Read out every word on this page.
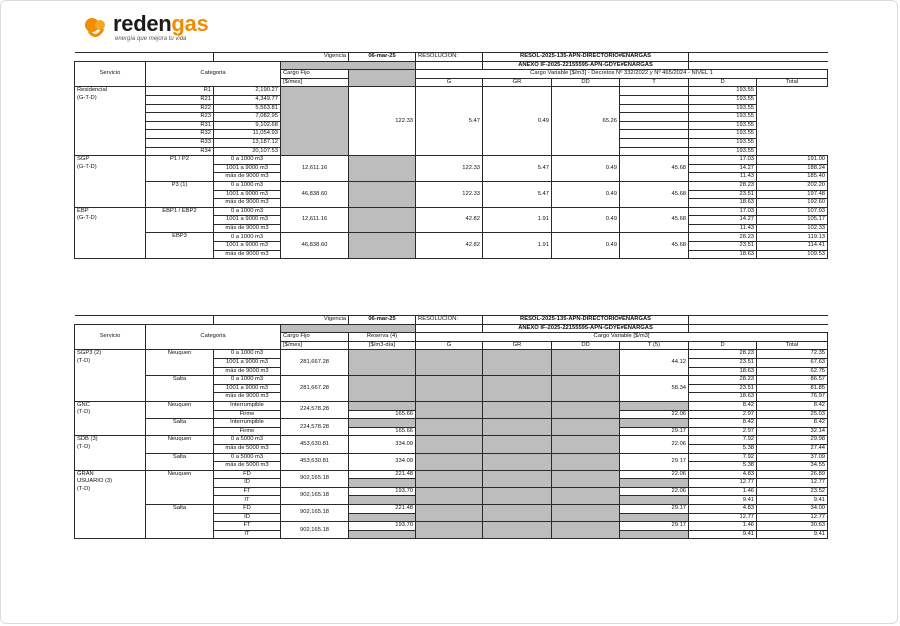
redengas
energía que mejora tu vida
		Vigencia		06-mar-25	RESOLUCION:	RESOL-2025-135-APN-DIRECTORIO#ENARGAS				
Servicio	Categoria					ANEXO IF-2025-22155595-APN-GDYE#ENARGAS				
			Cargo Fijo		Cargo Variable [$/m3] - Decretos Nº 332/2022 y Nº 465/2024 - NIVEL 1					
			[$/mes]		G	GR	DD	T	D	Total
Residencial
(G-T-D)	R1	2,190.27		122.33	5.47	0.49	65.26		193.55	
	R21	4,349.77							193.55	
	R22	5,563.81							193.55	
	R23	7,082.95							193.55	
	R31	9,102.68							193.55	
	R32	11,054.93							193.55	
	R33	13,187.12							193.55	
	R34	20,107.53							193.55	
SGP
(G-T-D)	P1 / P2	0 a 1000 m3	12,611.16		122.33	5.47	0.49	45.68	17.03	191.00
		1001 a 9000 m3							14.27	188.24
		más de 9000 m3							11.43	185.40
	P3 (1)	0 a 1000 m3	46,838.60		122.33	5.47	0.49	45.68	28.23	202.20
		1001 a 9000 m3							23.51	197.48
		más de 9000 m3							18.63	192.60
EBP
(G-T-D)	EBP1 / EBP2	0 a 1000 m3	12,611.16		42.82	1.91	0.49	45.68	17.03	107.93
		1001 a 9000 m3							14.27	105.17
		más de 9000 m3							11.43	102.33
	EBP3	0 a 1000 m3	46,838.60		42.82	1.91	0.49	45.68	28.23	119.13
		1001 a 9000 m3							23.51	114.41
		más de 9000 m3							18.63	109.53
		Vigencia		06-mar-25	RESOLUCION:	RESOL-2025-135-APN-DIRECTORIO#ENARGAS				
Servicio	Categoria					ANEXO IF-2025-22155595-APN-GDYE#ENARGAS				
			Cargo Fijo	Reserva (4)	Cargo Variable [$/m3]					
			[$/mes]	[$/m3-día]	G	GR	DD	T (5)	D	Total
SGP3 (2)
(T-D)	Neuquen	0 a 1000 m3	281,667.28					44.12	28.23	72.35
		1001 a 9000 m3							23.51	67.63
		más de 9000 m3							18.63	62.75
	Salta	0 a 1000 m3	281,667.28					58.34	28.23	86.57
		1001 a 9000 m3							23.51	81.85
		más de 9000 m3							18.63	76.97
GNC
(T-D)	Neuquen	Interrumpible	224,578.28						8.42	8.42
		Firme		165.66				22.06	2.97	25.03
	Salta	Interrumpible	224,578.28						8.42	8.42
		Firme		165.66				29.17	2.97	32.14
SDB (3)
(T-D)	Neuquen	0 a 5000 m3	453,630.81	334.09				22.06	7.92	29.98
		más de 5000 m3							5.38	27.44
	Salta	0 a 5000 m3	453,630.81	334.09				29.17	7.92	37.09
		más de 5000 m3							5.38	34.55
GRAN
USUARIO (3)
(T-D)	Neuquen	FD	902,165.18	221.48				22.06	4.83	26.89
		ID							12.77	12.77
		FT	902,165.18	193.70				22.06	1.46	23.52
		IT							9.41	9.41
	Salta	FD	902,165.18	221.48				29.17	4.83	34.00
		ID							12.77	12.77
		FT	902,165.18	193.70				29.17	1.46	30.63
		IT							9.41	9.41
